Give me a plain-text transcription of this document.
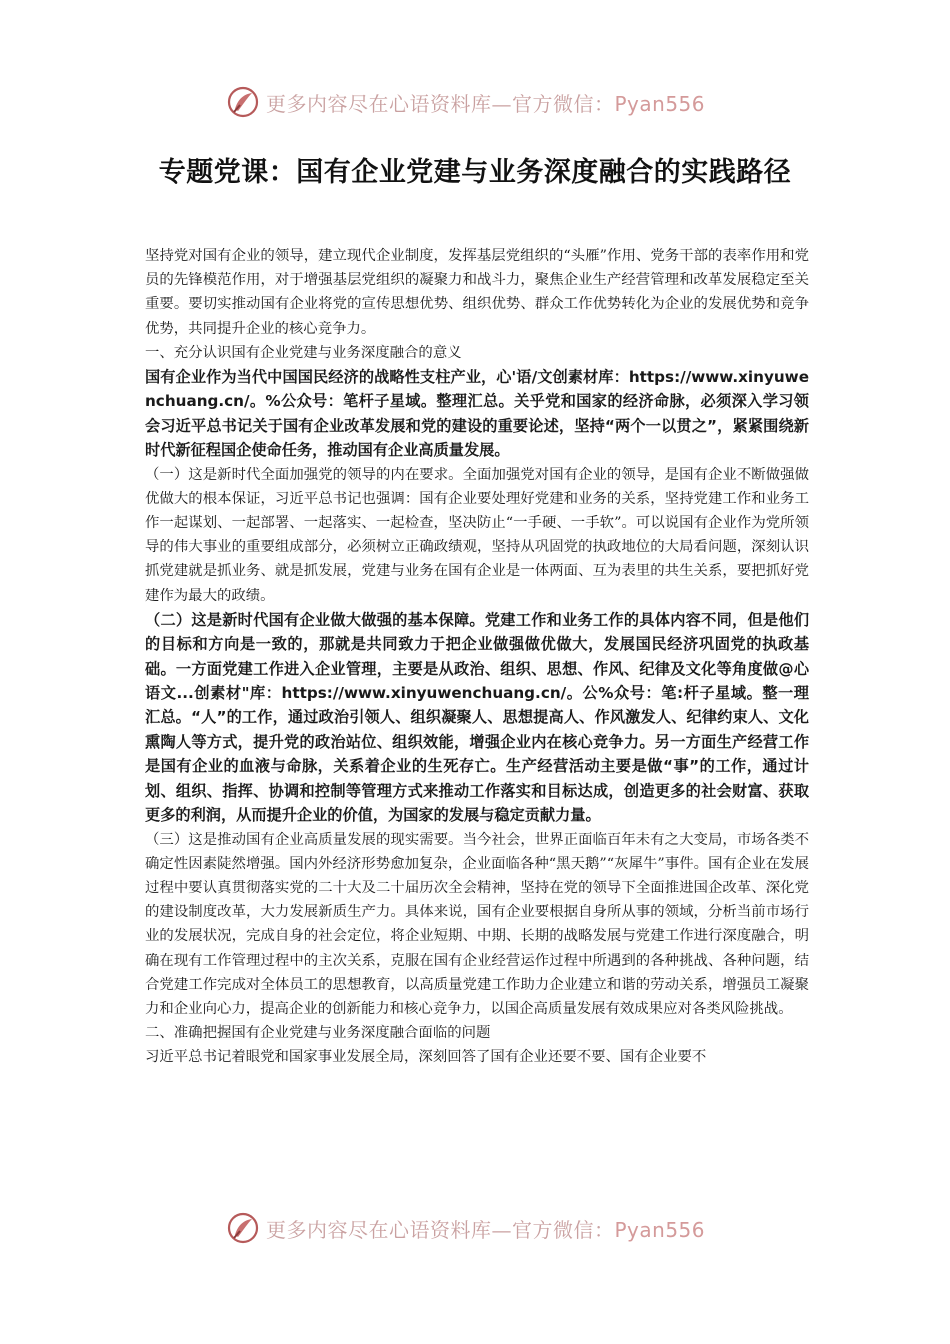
更多内容尽在心语资料库—官方微信：Pyan556
专题党课：国有企业党建与业务深度融合的实践路径

坚持党对国有企业的领导，建立现代企业制度，发挥基层党组织的“头雁”作用、党务干部的表率作用和党员的先锋模范作用，对于增强基层党组织的凝聚力和战斗力，聚焦企业生产经营管理和改革发展稳定至关重要。要切实推动国有企业将党的宣传思想优势、组织优势、群众工作优势转化为企业的发展优势和竞争优势，共同提升企业的核心竞争力。

一、充分认识国有企业党建与业务深度融合的意义

国有企业作为当代中国国民经济的战略性支柱产业，心'语/文创素材库：https://www.xinyuwenchuang.cn/。%公众号：笔杆子星域。整理汇总。关乎党和国家的经济命脉，必须深入学习领会习近平总书记关于国有企业改革发展和党的建设的重要论述，坚持“两个一以贯之”，紧紧围绕新时代新征程国企使命任务，推动国有企业高质量发展。

（一）这是新时代全面加强党的领导的内在要求。全面加强党对国有企业的领导，是国有企业不断做强做优做大的根本保证，习近平总书记也强调：国有企业要处理好党建和业务的关系，坚持党建工作和业务工作一起谋划、一起部署、一起落实、一起检查，坚决防止“一手硬、一手软”。可以说国有企业作为党所领导的伟大事业的重要组成部分，必须树立正确政绩观，坚持从巩固党的执政地位的大局看问题，深刻认识抓党建就是抓业务、就是抓发展，党建与业务在国有企业是一体两面、互为表里的共生关系，要把抓好党建作为最大的政绩。

（二）这是新时代国有企业做大做强的基本保障。党建工作和业务工作的具体内容不同，但是他们的目标和方向是一致的，那就是共同致力于把企业做强做优做大，发展国民经济巩固党的执政基础。一方面党建工作进入企业管理，主要是从政治、组织、思想、作风、纪律及文化等角度做@心语文...创素材"库：https://www.xinyuwenchuang.cn/。公%众号：笔:杆子星域。整一理汇总。“人”的工作，通过政治引领人、组织凝聚人、思想提高人、作风激发人、纪律约束人、文化熏陶人等方式，提升党的政治站位、组织效能，增强企业内在核心竞争力。另一方面生产经营工作是国有企业的血液与命脉，关系着企业的生死存亡。生产经营活动主要是做“事”的工作，通过计划、组织、指挥、协调和控制等管理方式来推动工作落实和目标达成，创造更多的社会财富、获取更多的利润，从而提升企业的价值，为国家的发展与稳定贡献力量。

（三）这是推动国有企业高质量发展的现实需要。当今社会，世界正面临百年未有之大变局，市场各类不确定性因素陡然增强。国内外经济形势愈加复杂，企业面临各种“黑天鹅”“灰犀牛”事件。国有企业在发展过程中要认真贯彻落实党的二十大及二十届历次全会精神，坚持在党的领导下全面推进国企改革、深化党的建设制度改革，大力发展新质生产力。具体来说，国有企业要根据自身所从事的领域，分析当前市场行业的发展状况，完成自身的社会定位，将企业短期、中期、长期的战略发展与党建工作进行深度融合，明确在现有工作管理过程中的主次关系，克服在国有企业经营运作过程中所遇到的各种挑战、各种问题，结合党建工作完成对全体员工的思想教育，以高质量党建工作助力企业建立和谐的劳动关系，增强员工凝聚力和企业向心力，提高企业的创新能力和核心竞争力，以国企高质量发展有效成果应对各类风险挑战。

二、准确把握国有企业党建与业务深度融合面临的问题

习近平总书记着眼党和国家事业发展全局，深刻回答了国有企业还要不要、国有企业要不

更多内容尽在心语资料库—官方微信：Pyan556
